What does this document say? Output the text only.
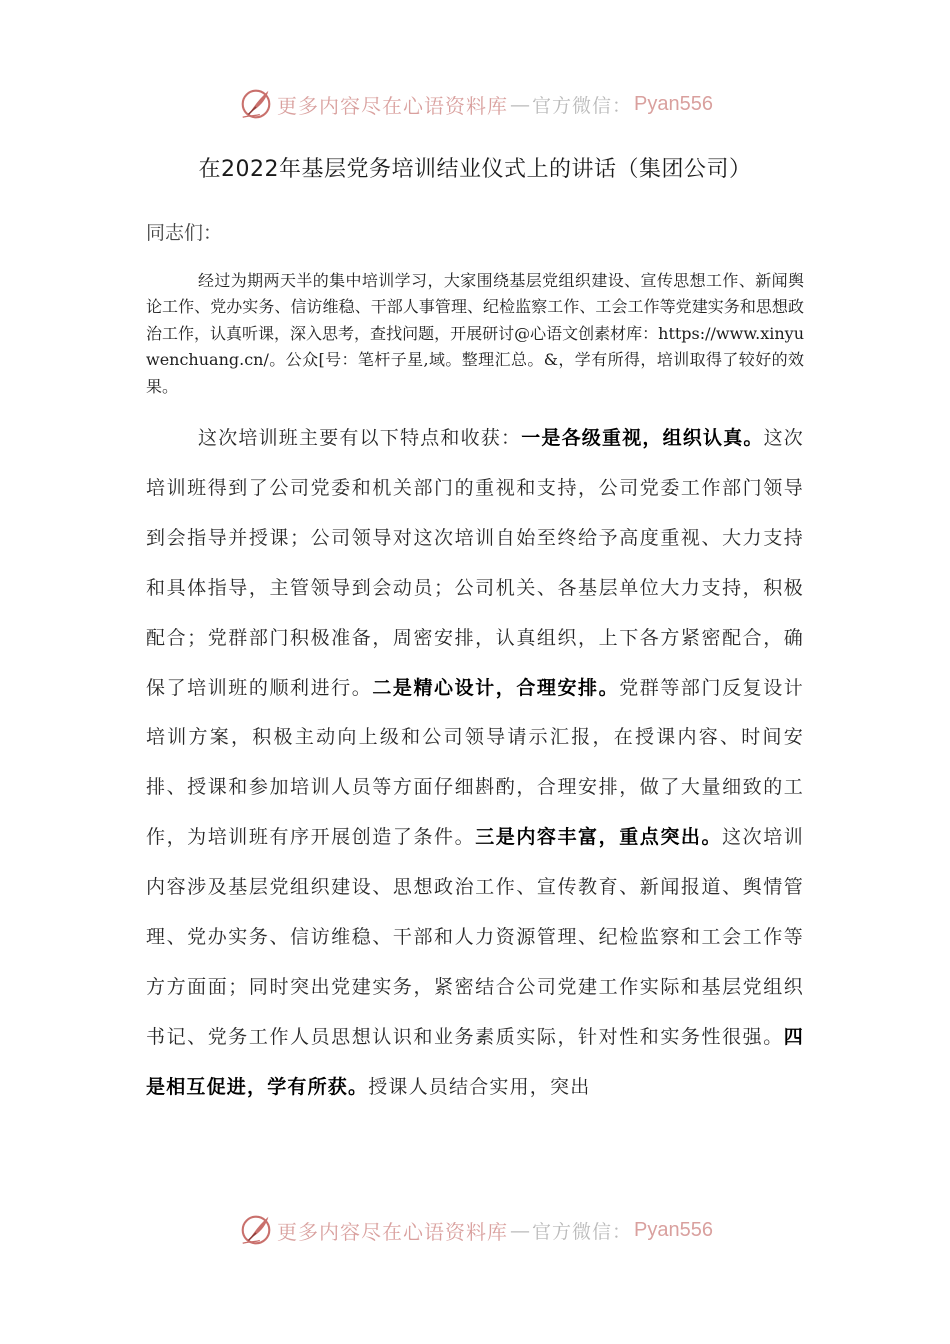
更多内容尽在心语资料库 — 官方微信： Pyan556
在2022年基层党务培训结业仪式上的讲话（集团公司）
同志们：

经过为期两天半的集中培训学习，大家围绕基层党组织建设、宣传思想工作、新闻舆论工作、党办实务、信访维稳、干部人事管理、纪检监察工作、工会工作等党建实务和思想政治工作，认真听课，深入思考，查找问题，开展研讨@心语文创素材库：https://www.xinyuwenchuang.cn/。公众[号：笔杆子星,域。整理汇总。&，学有所得，培训取得了较好的效果。

这次培训班主要有以下特点和收获：一是各级重视，组织认真。这次培训班得到了公司党委和机关部门的重视和支持，公司党委工作部门领导到会指导并授课；公司领导对这次培训自始至终给予高度重视、大力支持和具体指导，主管领导到会动员；公司机关、各基层单位大力支持，积极配合；党群部门积极准备，周密安排，认真组织，上下各方紧密配合，确保了培训班的顺利进行。二是精心设计，合理安排。党群等部门反复设计培训方案，积极主动向上级和公司领导请示汇报，在授课内容、时间安排、授课和参加培训人员等方面仔细斟酌，合理安排，做了大量细致的工作，为培训班有序开展创造了条件。三是内容丰富，重点突出。这次培训内容涉及基层党组织建设、思想政治工作、宣传教育、新闻报道、舆情管理、党办实务、信访维稳、干部和人力资源管理、纪检监察和工会工作等方方面面；同时突出党建实务，紧密结合公司党建工作实际和基层党组织书记、党务工作人员思想认识和业务素质实际，针对性和实务性很强。四是相互促进，学有所获。授课人员结合实用，突出

更多内容尽在心语资料库 — 官方微信： Pyan556
